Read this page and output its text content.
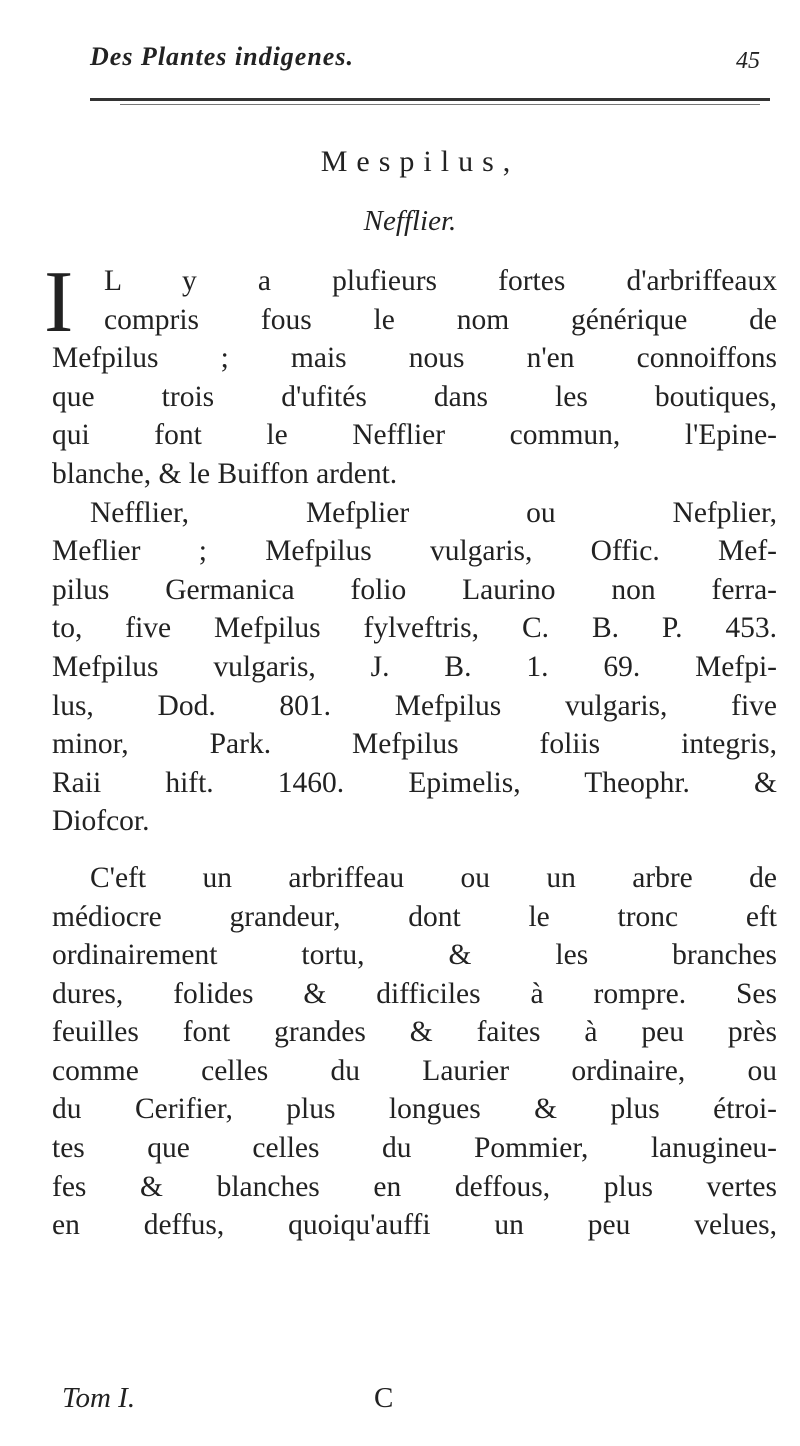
Des Plantes indigenes.	45
Mespilus,
Nefflier.
I	L y a plufieurs fortes d'arbriffeaux
compris fous le nom générique de
Mefpilus ; mais nous n'en connoiffons
que trois d'ufités dans les boutiques,
qui font le Nefflier commun, l'Epine-
blanche, & le Buiffon ardent.
Nefflier, Mefplier ou Nefplier,
Meflier ; Mefpilus vulgaris, Offic. Mef-
pilus Germanica folio Laurino non ferra-
to, five Mefpilus fylveftris, C. B. P. 453.
Mefpilus vulgaris, J. B. 1. 69. Mefpi-
lus, Dod. 801. Mefpilus vulgaris, five
minor, Park. Mefpilus foliis integris,
Raii hift. 1460. Epimelis, Theophr. &
Diofcor.
C'eft un arbriffeau ou un arbre de
médiocre grandeur, dont le tronc eft
ordinairement tortu, & les branches
dures, folides & difficiles à rompre. Ses
feuilles font grandes & faites à peu près
comme celles du Laurier ordinaire, ou
du Cerifier, plus longues & plus étroi-
tes que celles du Pommier, lanugineu-
fes & blanches en deffous, plus vertes
en deffus, quoiqu'auffi un peu velues,
Tom I.	C
